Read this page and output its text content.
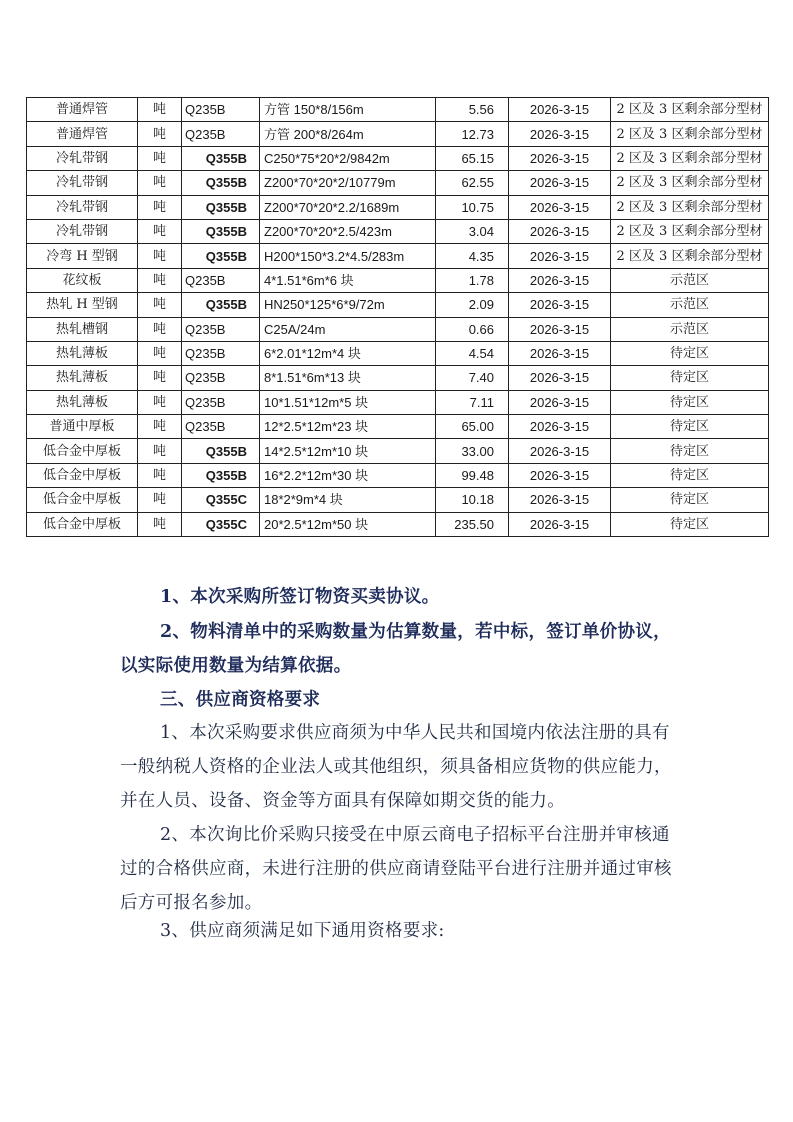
普通焊管	吨	Q235B	方管 150*8/156m	5.56	2026-3-15	2 区及 3 区剩余部分型材
普通焊管	吨	Q235B	方管 200*8/264m	12.73	2026-3-15	2 区及 3 区剩余部分型材
冷轧带钢	吨	Q355B	C250*75*20*2/9842m	65.15	2026-3-15	2 区及 3 区剩余部分型材
冷轧带钢	吨	Q355B	Z200*70*20*2/10779m	62.55	2026-3-15	2 区及 3 区剩余部分型材
冷轧带钢	吨	Q355B	Z200*70*20*2.2/1689m	10.75	2026-3-15	2 区及 3 区剩余部分型材
冷轧带钢	吨	Q355B	Z200*70*20*2.5/423m	3.04	2026-3-15	2 区及 3 区剩余部分型材
冷弯 H 型钢	吨	Q355B	H200*150*3.2*4.5/283m	4.35	2026-3-15	2 区及 3 区剩余部分型材
花纹板	吨	Q235B	4*1.51*6m*6 块	1.78	2026-3-15	示范区
热轧 H 型钢	吨	Q355B	HN250*125*6*9/72m	2.09	2026-3-15	示范区
热轧槽钢	吨	Q235B	C25A/24m	0.66	2026-3-15	示范区
热轧薄板	吨	Q235B	6*2.01*12m*4 块	4.54	2026-3-15	待定区
热轧薄板	吨	Q235B	8*1.51*6m*13 块	7.40	2026-3-15	待定区
热轧薄板	吨	Q235B	10*1.51*12m*5 块	7.11	2026-3-15	待定区
普通中厚板	吨	Q235B	12*2.5*12m*23 块	65.00	2026-3-15	待定区
低合金中厚板	吨	Q355B	14*2.5*12m*10 块	33.00	2026-3-15	待定区
低合金中厚板	吨	Q355B	16*2.2*12m*30 块	99.48	2026-3-15	待定区
低合金中厚板	吨	Q355C	18*2*9m*4 块	10.18	2026-3-15	待定区
低合金中厚板	吨	Q355C	20*2.5*12m*50 块	235.50	2026-3-15	待定区

1、本次采购所签订物资买卖协议。

2、物料清单中的采购数量为估算数量，若中标，签订单价协议，以实际使用数量为结算依据。

三、供应商资格要求

1、本次采购要求供应商须为中华人民共和国境内依法注册的具有一般纳税人资格的企业法人或其他组织，须具备相应货物的供应能力，并在人员、设备、资金等方面具有保障如期交货的能力。

2、本次询比价采购只接受在中原云商电子招标平台注册并审核通过的合格供应商，未进行注册的供应商请登陆平台进行注册并通过审核后方可报名参加。

3、供应商须满足如下通用资格要求:
